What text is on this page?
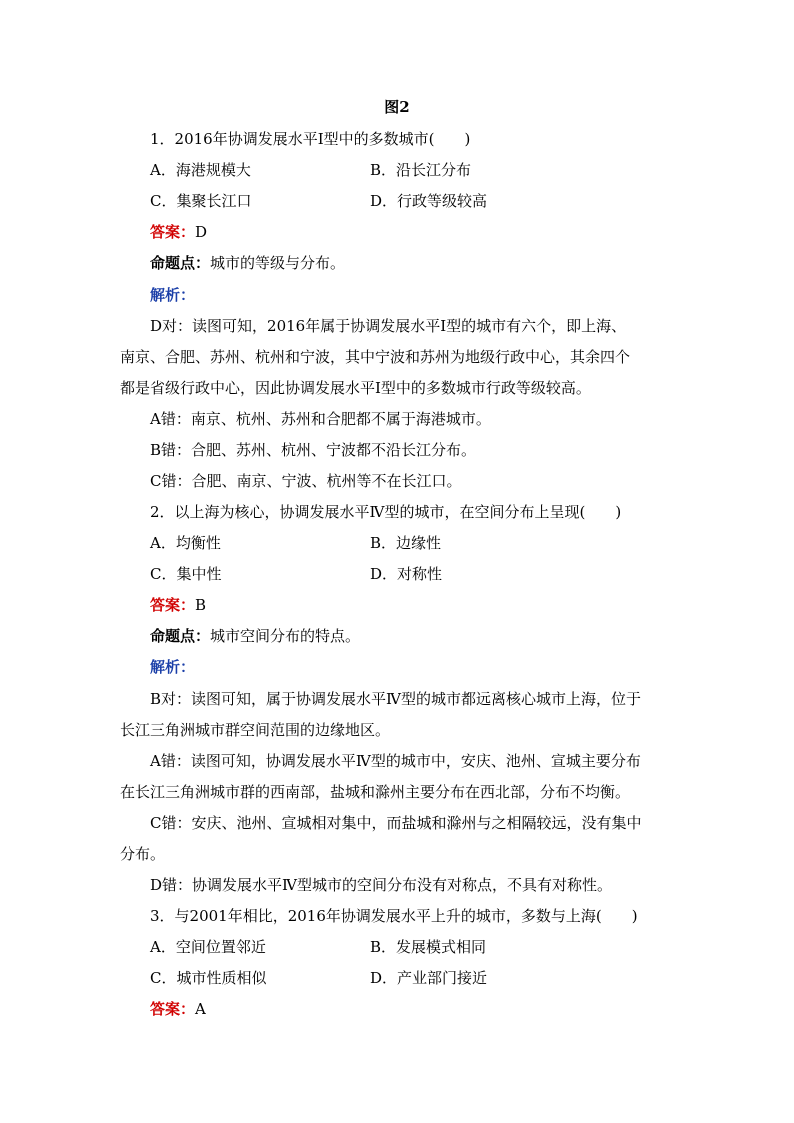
图2
1．2016年协调发展水平Ⅰ型中的多数城市(　　)
A．海港规模大	B．沿长江分布
C．集聚长江口	D．行政等级较高
答案：D
命题点：城市的等级与分布。
解析：
D对：读图可知，2016年属于协调发展水平Ⅰ型的城市有六个，即上海、
南京、合肥、苏州、杭州和宁波，其中宁波和苏州为地级行政中心，其余四个
都是省级行政中心，因此协调发展水平Ⅰ型中的多数城市行政等级较高。
A错：南京、杭州、苏州和合肥都不属于海港城市。
B错：合肥、苏州、杭州、宁波都不沿长江分布。
C错：合肥、南京、宁波、杭州等不在长江口。
2．以上海为核心，协调发展水平Ⅳ型的城市，在空间分布上呈现(　　)
A．均衡性	B．边缘性
C．集中性	D．对称性
答案：B
命题点：城市空间分布的特点。
解析：
B对：读图可知，属于协调发展水平Ⅳ型的城市都远离核心城市上海，位于
长江三角洲城市群空间范围的边缘地区。
A错：读图可知，协调发展水平Ⅳ型的城市中，安庆、池州、宣城主要分布
在长江三角洲城市群的西南部，盐城和滁州主要分布在西北部，分布不均衡。
C错：安庆、池州、宣城相对集中，而盐城和滁州与之相隔较远，没有集中
分布。
D错：协调发展水平Ⅳ型城市的空间分布没有对称点，不具有对称性。
3．与2001年相比，2016年协调发展水平上升的城市，多数与上海(　　)
A．空间位置邻近	B．发展模式相同
C．城市性质相似	D．产业部门接近
答案：A
